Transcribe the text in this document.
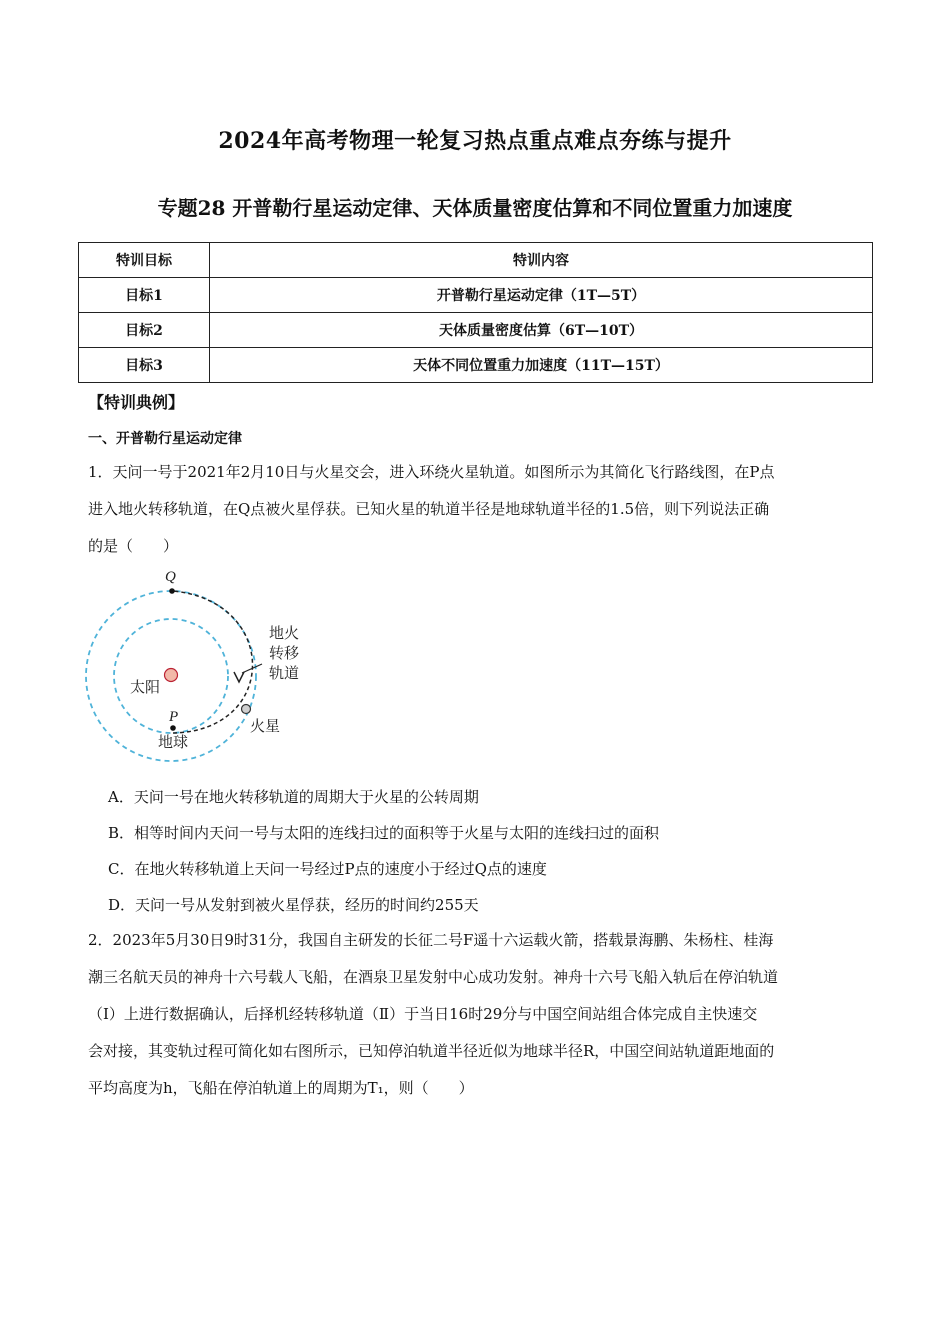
2024年高考物理一轮复习热点重点难点夯练与提升
专题28 开普勒行星运动定律、天体质量密度估算和不同位置重力加速度
特训目标	特训内容
目标1	开普勒行星运动定律（1T—5T）
目标2	天体质量密度估算（6T—10T）
目标3	天体不同位置重力加速度（11T—15T）
【特训典例】
一、开普勒行星运动定律
1．天问一号于2021年2月10日与火星交会，进入环绕火星轨道。如图所示为其简化飞行路线图，在P点
进入地火转移轨道，在Q点被火星俘获。已知火星的轨道半径是地球轨道半径的1.5倍，则下列说法正确
的是（　　）
Q
P
太阳
地球
火星
地火
转移
轨道
A．天问一号在地火转移轨道的周期大于火星的公转周期
B．相等时间内天问一号与太阳的连线扫过的面积等于火星与太阳的连线扫过的面积
C．在地火转移轨道上天问一号经过P点的速度小于经过Q点的速度
D．天问一号从发射到被火星俘获，经历的时间约255天
2．2023年5月30日9时31分，我国自主研发的长征二号F遥十六运载火箭，搭载景海鹏、朱杨柱、桂海
潮三名航天员的神舟十六号载人飞船，在酒泉卫星发射中心成功发射。神舟十六号飞船入轨后在停泊轨道
（Ⅰ）上进行数据确认，后择机经转移轨道（Ⅱ）于当日16时29分与中国空间站组合体完成自主快速交
会对接，其变轨过程可简化如右图所示，已知停泊轨道半径近似为地球半径R，中国空间站轨道距地面的
平均高度为h，飞船在停泊轨道上的周期为T₁，则（　　）
